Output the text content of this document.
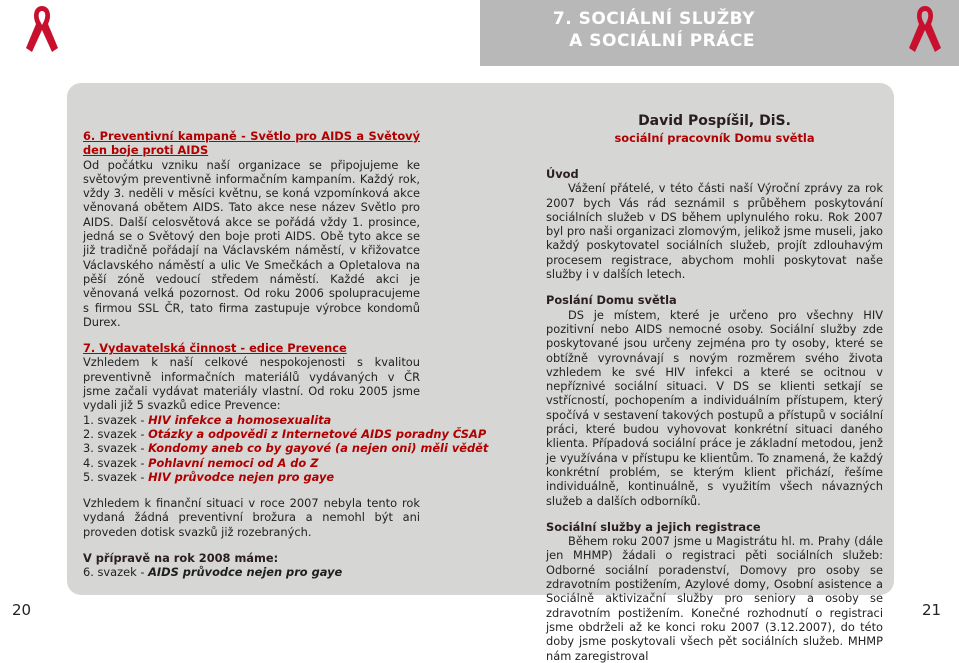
7. SOCIÁLNÍ SLUŽBY
A SOCIÁLNÍ PRÁCE

6. Preventivní kampaně - Světlo pro AIDS a Světový den boje proti AIDS

Od počátku vzniku naší organizace se připojujeme ke světovým preventivně informačním kampaním. Každý rok, vždy 3. neděli v měsíci květnu, se koná vzpomínková akce věnovaná obětem AIDS. Tato akce nese název Světlo pro AIDS. Další celosvětová akce se pořádá vždy 1. prosince, jedná se o Světový den boje proti AIDS. Obě tyto akce se již tradičně pořádají na Václavském náměstí, v křižovatce Václavského náměstí a ulic Ve Smečkách a Opletalova na pěší zóně vedoucí středem náměstí. Každé akci je věnovaná velká pozornost. Od roku 2006 spolupracujeme s firmou SSL ČR, tato firma zastupuje výrobce kondomů Durex.

7. Vydavatelská činnost - edice Prevence

Vzhledem k naší celkové nespokojenosti s kvalitou preventivně informačních materiálů vydávaných v ČR jsme začali vydávat materiály vlastní. Od roku 2005 jsme vydali již 5 svazků edice Prevence:

1. svazek - HIV infekce a homosexualita
2. svazek - Otázky a odpovědi z Internetové AIDS poradny ČSAP
3. svazek - Kondomy aneb co by gayové (a nejen oni) měli vědět
4. svazek - Pohlavní nemoci od A do Z
5. svazek - HIV průvodce nejen pro gaye

Vzhledem k finanční situaci v roce 2007 nebyla tento rok vydaná žádná preventivní brožura a nemohl být ani proveden dotisk svazků již rozebraných.

V přípravě na rok 2008 máme:

6. svazek - AIDS průvodce nejen pro gaye
David Pospíšil, DiS.
sociální pracovník Domu světla

Úvod

Vážení přátelé, v této části naší Výroční zprávy za rok 2007 bych Vás rád seznámil s průběhem poskytování sociálních služeb v DS během uplynulého roku. Rok 2007 byl pro naši organizaci zlomovým, jelikož jsme museli, jako každý poskytovatel sociálních služeb, projít zdlouhavým procesem registrace, abychom mohli poskytovat naše služby i v dalších letech.

Poslání Domu světla

DS je místem, které je určeno pro všechny HIV pozitivní nebo AIDS nemocné osoby. Sociální služby zde poskytované jsou určeny zejména pro ty osoby, které se obtížně vyrovnávají s novým rozměrem svého života vzhledem ke své HIV infekci a které se ocitnou v nepříznivé sociální situaci. V DS se klienti setkají se vstřícností, pochopením a individuálním přístupem, který spočívá v sestavení takových postupů a přístupů v sociální práci, které budou vyhovovat konkrétní situaci daného klienta. Případová sociální práce je základní metodou, jenž je využívána v přístupu ke klientům. To znamená, že každý konkrétní problém, se kterým klient přichází, řešíme individuálně, kontinuálně, s využitím všech návazných služeb a dalších odborníků.

Sociální služby a jejich registrace

Během roku 2007 jsme u Magistrátu hl. m. Prahy (dále jen MHMP) žádali o registraci pěti sociálních služeb: Odborné sociální poradenství, Domovy pro osoby se zdravotním postižením, Azylové domy, Osobní asistence a Sociálně aktivizační služby pro seniory a osoby se zdravotním postižením. Konečné rozhodnutí o registraci jsme obdrželi až ke konci roku 2007 (3.12.2007), do této doby jsme poskytovali všech pět sociálních služeb. MHMP nám zaregistroval

20	21
